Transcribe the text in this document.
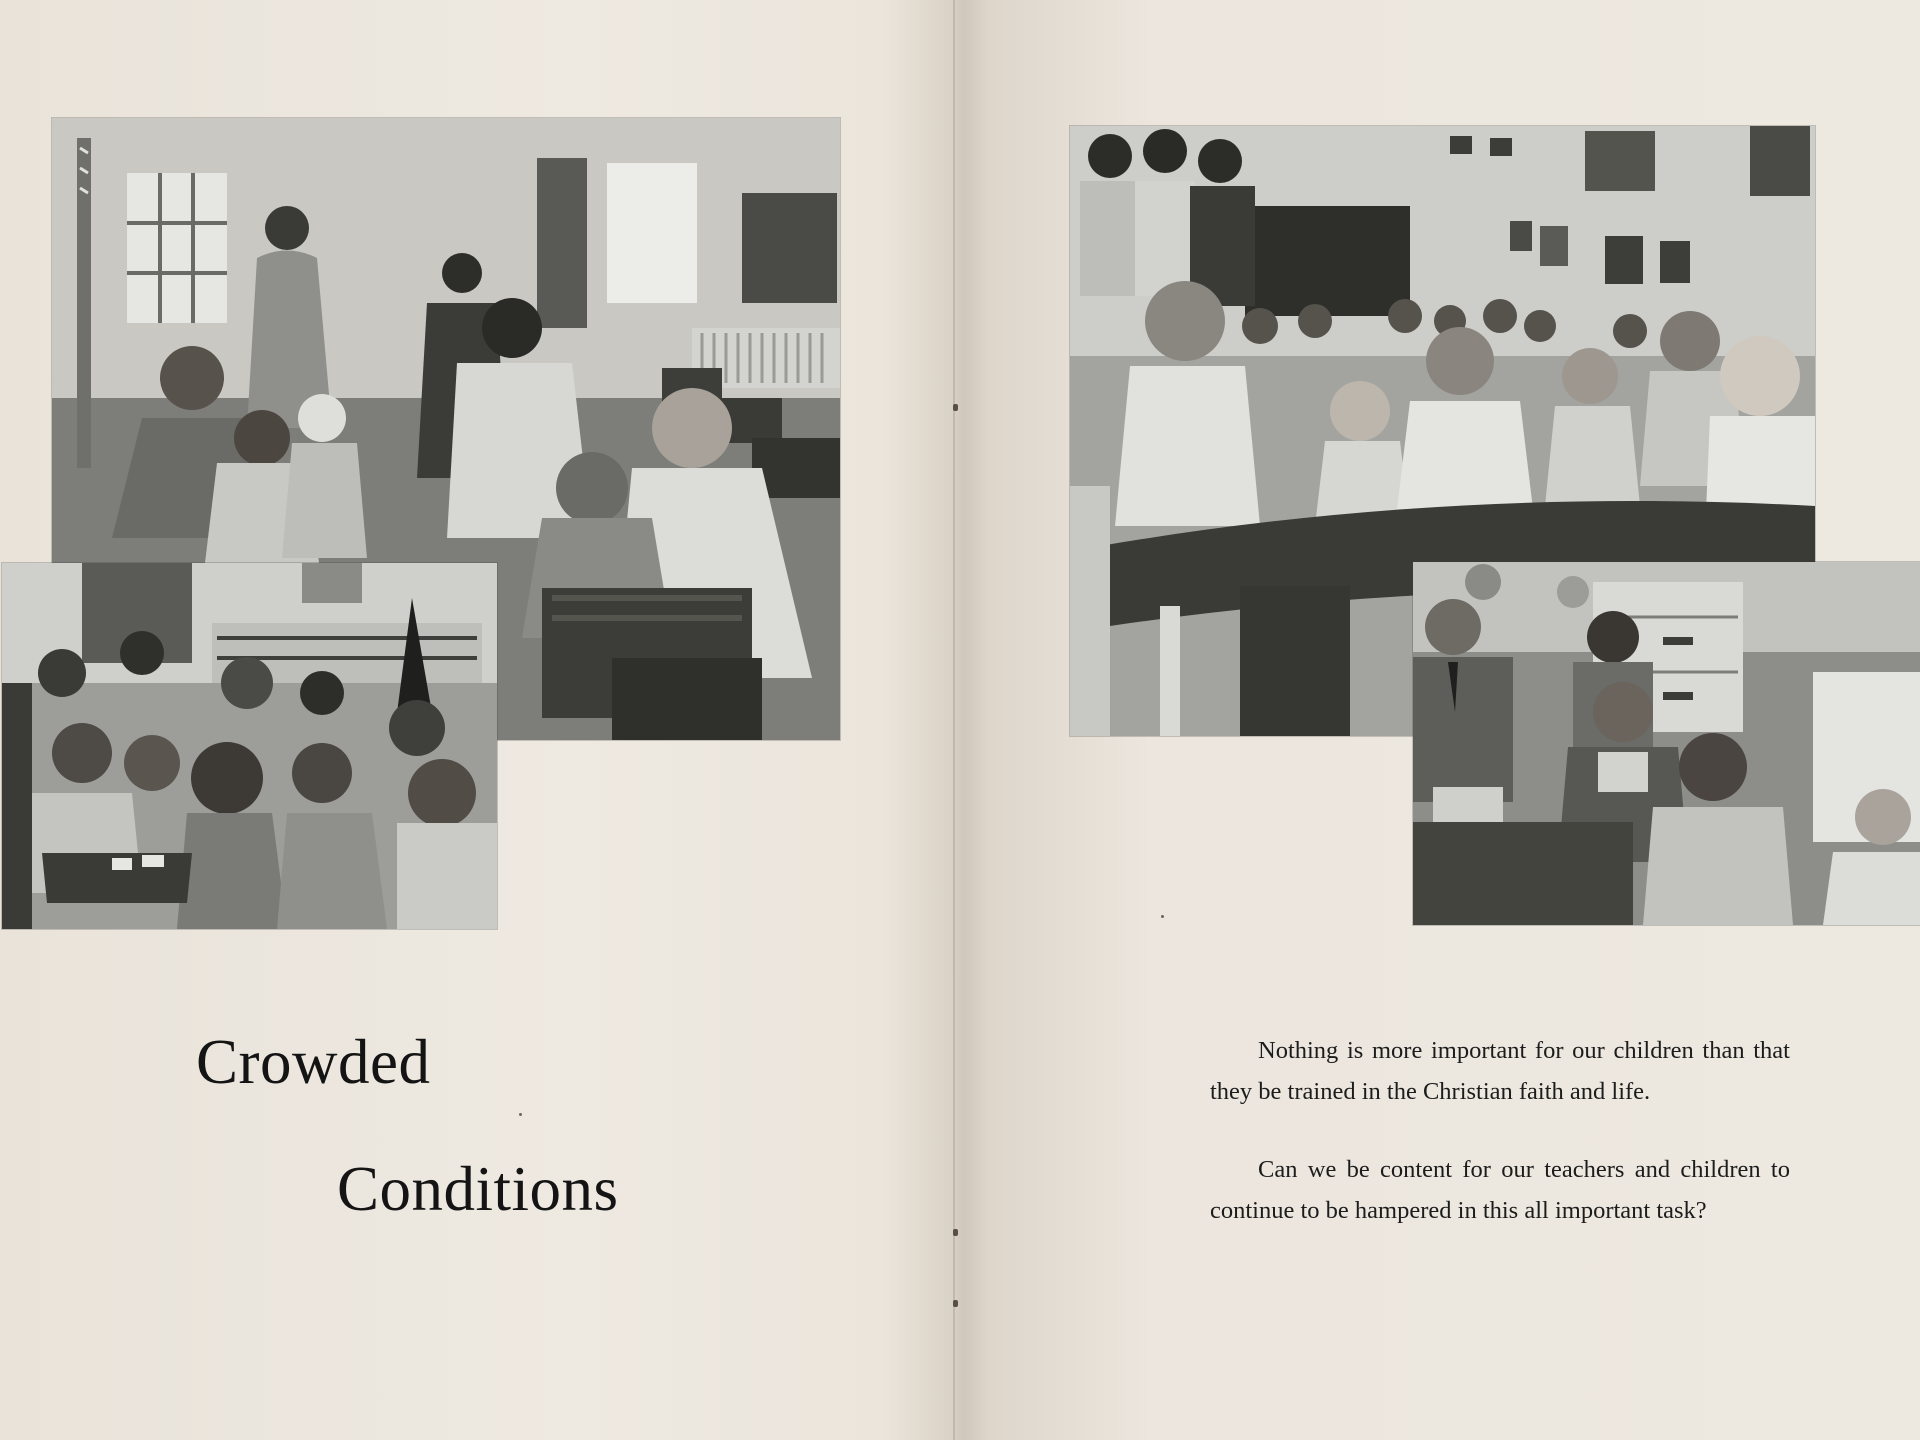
Crowded
Conditions

Nothing is more important for our children than that they be trained in the Christian faith and life.

Can we be content for our teachers and children to continue to be hampered in this all important task?
